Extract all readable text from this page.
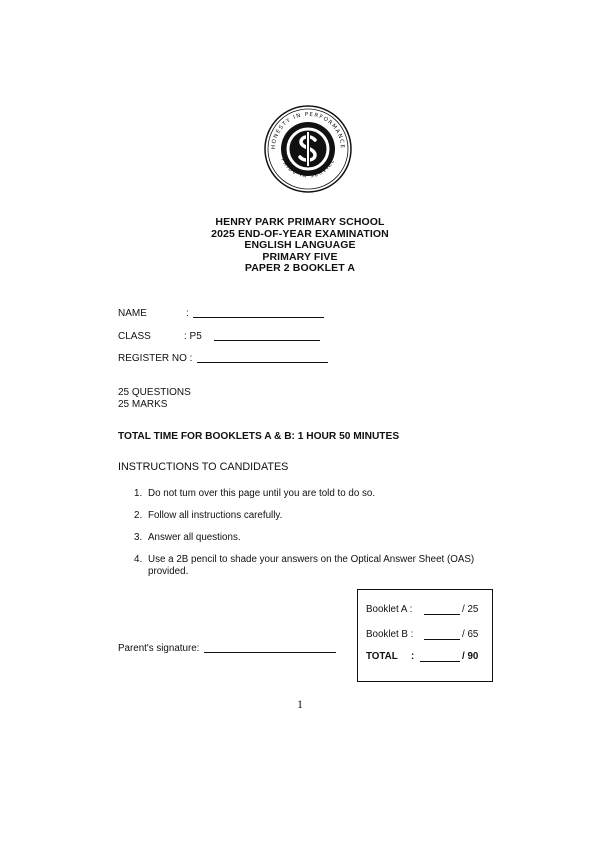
HONESTY IN PERFORMANCE
PRIDE IN SERVICE
HENRY PARK PRIMARY SCHOOL
2025 END-OF-YEAR EXAMINATION
ENGLISH LANGUAGE
PRIMARY FIVE
PAPER 2 BOOKLET A
NAME	:
CLASS	: P5
REGISTER NO :
25 QUESTIONS
25 MARKS
TOTAL TIME FOR BOOKLETS A & B: 1 HOUR 50 MINUTES
INSTRUCTIONS TO CANDIDATES
1. Do not tum over this page until you are told to do so.
2. Follow all instructions carefully.
3. Answer all questions.
4. Use a 2B pencil to shade your answers on the Optical Answer Sheet (OAS)
provided.
Parent's signature:
Booklet A :	/ 25
Booklet B :	/ 65
TOTAL :	/ 90
1
